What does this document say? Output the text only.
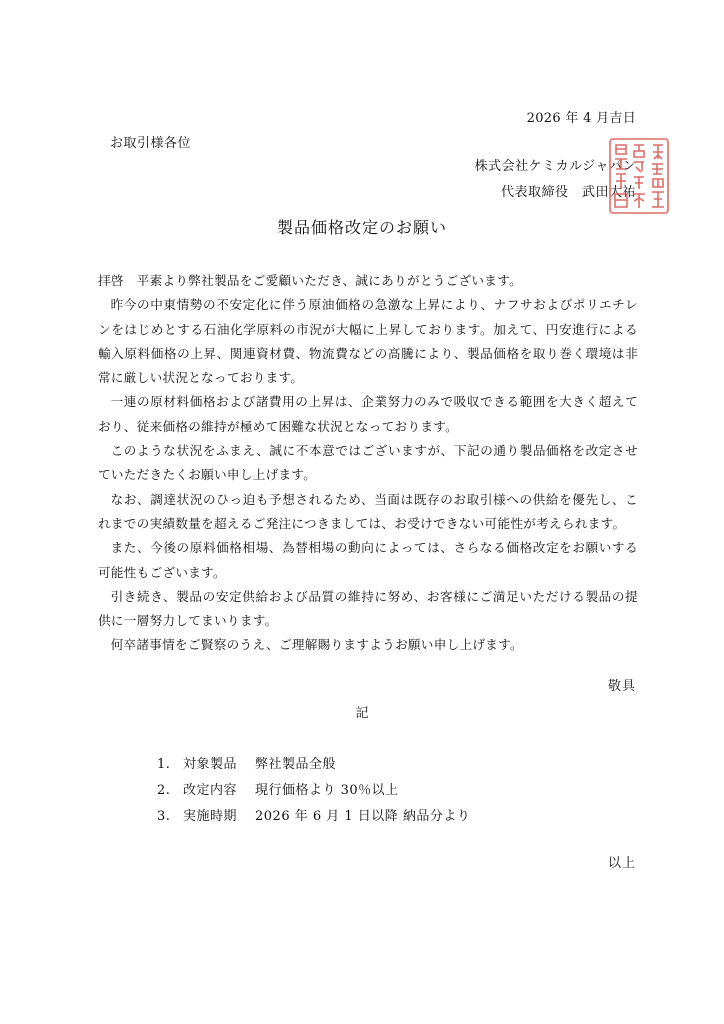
2026 年 4 月吉日
お取引様各位
株式会社ケミカルジャパン
代表取締役　武田大祐
製品価格改定のお願い

拝啓　平素より弊社製品をご愛顧いただき、誠にありがとうございます。

昨今の中東情勢の不安定化に伴う原油価格の急激な上昇により、ナフサおよびポリエチレンをはじめとする石油化学原料の市況が大幅に上昇しております。加えて、円安進行による輸入原料価格の上昇、関連資材費、物流費などの高騰により、製品価格を取り巻く環境は非常に厳しい状況となっております。

一連の原材料価格および諸費用の上昇は、企業努力のみで吸収できる範囲を大きく超えており、従来価格の維持が極めて困難な状況となっております。

このような状況をふまえ、誠に不本意ではございますが、下記の通り製品価格を改定させていただきたくお願い申し上げます。

なお、調達状況のひっ迫も予想されるため、当面は既存のお取引様への供給を優先し、これまでの実績数量を超えるご発注につきましては、お受けできない可能性が考えられます。

また、今後の原料価格相場、為替相場の動向によっては、さらなる価格改定をお願いする可能性もございます。

引き続き、製品の安定供給および品質の維持に努め、お客様にご満足いただける製品の提供に一層努力してまいります。

何卒諸事情をご賢察のうえ、ご理解賜りますようお願い申し上げます。

敬具
記
1. 対象製品	弊社製品全般
2. 改定内容	現行価格より 30％以上
3. 実施時期	2026 年 6 月 1 日以降 納品分より
以上
